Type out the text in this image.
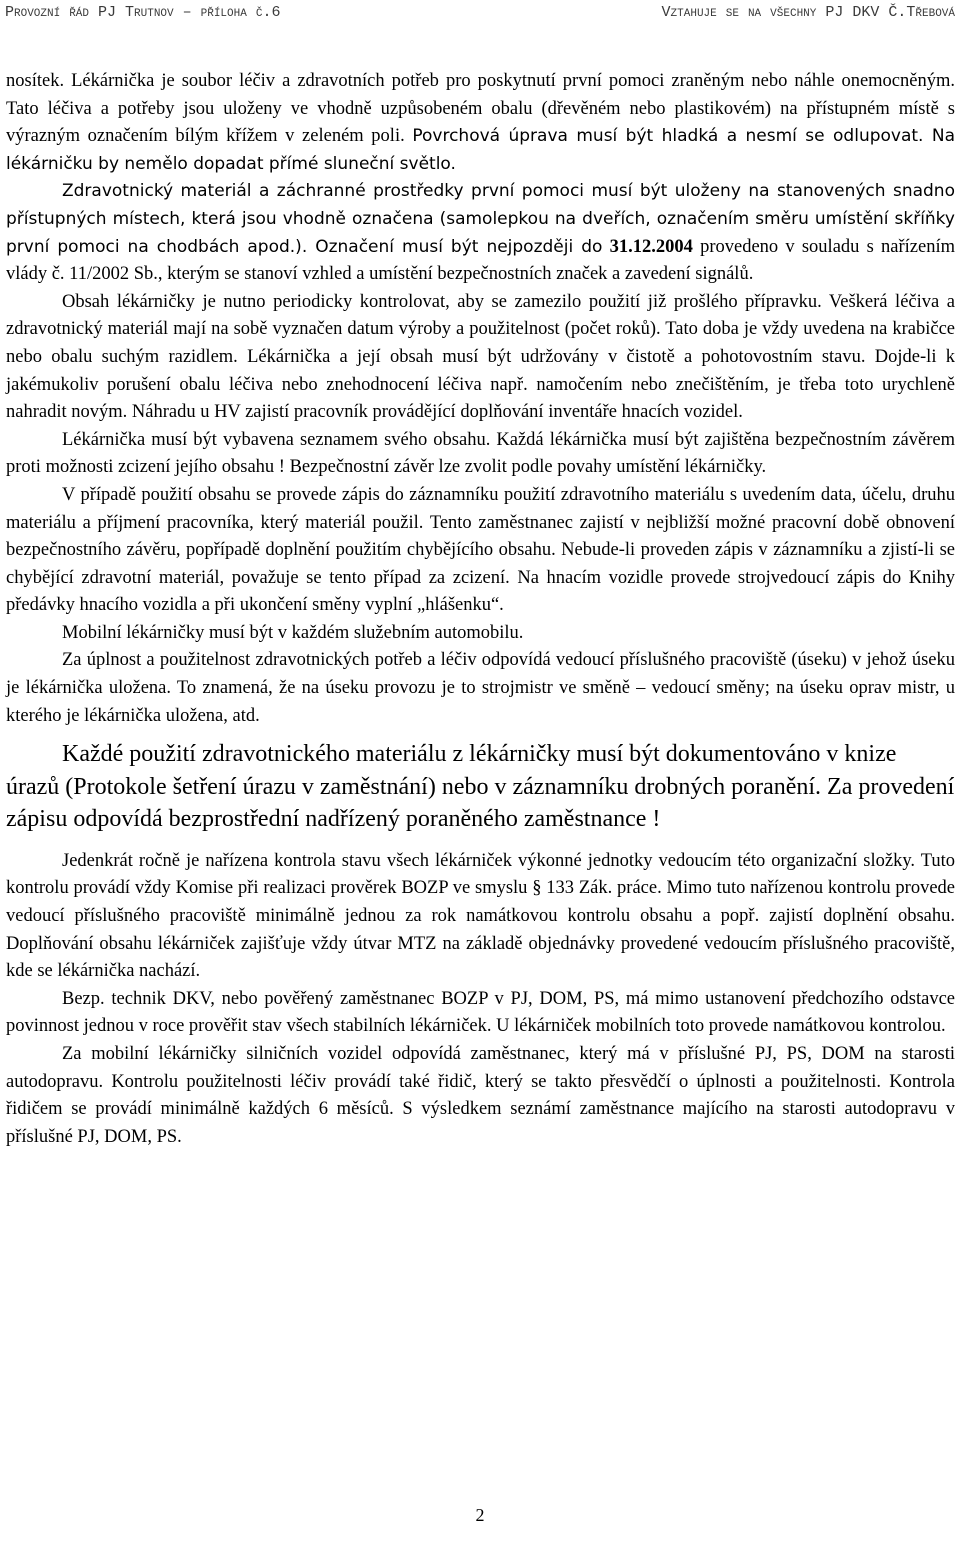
Provozní řád PJ Trutnov – příloha č.6	Vztahuje se na všechny PJ DKV Č.Třebová

nosítek. Lékárnička je soubor léčiv a zdravotních potřeb pro poskytnutí první pomoci zraněným nebo náhle onemocněným. Tato léčiva a potřeby jsou uloženy ve vhodně uzpůsobeném obalu (dřevěném nebo plastikovém) na přístupném místě s výrazným označením bílým křížem v zeleném poli. Povrchová úprava musí být hladká a nesmí se odlupovat. Na lékárničku by nemělo dopadat přímé sluneční světlo.

Zdravotnický materiál a záchranné prostředky první pomoci musí být uloženy na stanovených snadno přístupných místech, která jsou vhodně označena (samolepkou na dveřích, označením směru umístění skříňky první pomoci na chodbách apod.). Označení musí být nejpozději do 31.12.2004 provedeno v souladu s nařízením vlády č. 11/2002 Sb., kterým se stanoví vzhled a umístění bezpečnostních značek a zavedení signálů.

Obsah lékárničky je nutno periodicky kontrolovat, aby se zamezilo použití již prošlého přípravku. Veškerá léčiva a zdravotnický materiál mají na sobě vyznačen datum výroby a použitelnost (počet roků). Tato doba je vždy uvedena na krabičce nebo obalu suchým razidlem. Lékárnička a její obsah musí být udržovány v čistotě a pohotovostním stavu. Dojde-li k jakémukoliv porušení obalu léčiva nebo znehodnocení léčiva např. namočením nebo znečištěním, je třeba toto urychleně nahradit novým. Náhradu u HV zajistí pracovník provádějící doplňování inventáře hnacích vozidel.

Lékárnička musí být vybavena seznamem svého obsahu. Každá lékárnička musí být zajištěna bezpečnostním závěrem proti možnosti zcizení jejího obsahu ! Bezpečnostní závěr lze zvolit podle povahy umístění lékárničky.

V případě použití obsahu se provede zápis do záznamníku použití zdravotního materiálu s uvedením data, účelu, druhu materiálu a příjmení pracovníka, který materiál použil. Tento zaměstnanec zajistí v nejbližší možné pracovní době obnovení bezpečnostního závěru, popřípadě doplnění použitím chybějícího obsahu. Nebude-li proveden zápis v záznamníku a zjistí-li se chybějící zdravotní materiál, považuje se tento případ za zcizení. Na hnacím vozidle provede strojvedoucí zápis do Knihy předávky hnacího vozidla a při ukončení směny vyplní „hlášenku“.

Mobilní lékárničky musí být v každém služebním automobilu.

Za úplnost a použitelnost zdravotnických potřeb a léčiv odpovídá vedoucí příslušného pracoviště (úseku) v jehož úseku je lékárnička uložena. To znamená, že na úseku provozu je to strojmistr ve směně – vedoucí směny; na úseku oprav mistr, u kterého je lékárnička uložena, atd.

Každé použití zdravotnického materiálu z lékárničky musí být dokumentováno v knize úrazů (Protokole šetření úrazu v zaměstnání) nebo v záznamníku drobných poranění. Za provedení zápisu odpovídá bezprostřední nadřízený poraněného zaměstnance !

Jedenkrát ročně je nařízena kontrola stavu všech lékárniček výkonné jednotky vedoucím této organizační složky. Tuto kontrolu provádí vždy Komise při realizaci prověrek BOZP ve smyslu § 133 Zák. práce. Mimo tuto nařízenou kontrolu provede vedoucí příslušného pracoviště minimálně jednou za rok namátkovou kontrolu obsahu a popř. zajistí doplnění obsahu. Doplňování obsahu lékárniček zajišťuje vždy útvar MTZ na základě objednávky provedené vedoucím příslušného pracoviště, kde se lékárnička nachází.

Bezp. technik DKV, nebo pověřený zaměstnanec BOZP v PJ, DOM, PS, má mimo ustanovení předchozího odstavce povinnost jednou v roce prověřit stav všech stabilních lékárniček. U lékárniček mobilních toto provede namátkovou kontrolou.

Za mobilní lékárničky silničních vozidel odpovídá zaměstnanec, který má v příslušné PJ, PS, DOM na starosti autodopravu. Kontrolu použitelnosti léčiv provádí také řidič, který se takto přesvědčí o úplnosti a použitelnosti. Kontrola řidičem se provádí minimálně každých 6 měsíců. S výsledkem seznámí zaměstnance majícího na starosti autodopravu v příslušné PJ, DOM, PS.

2
